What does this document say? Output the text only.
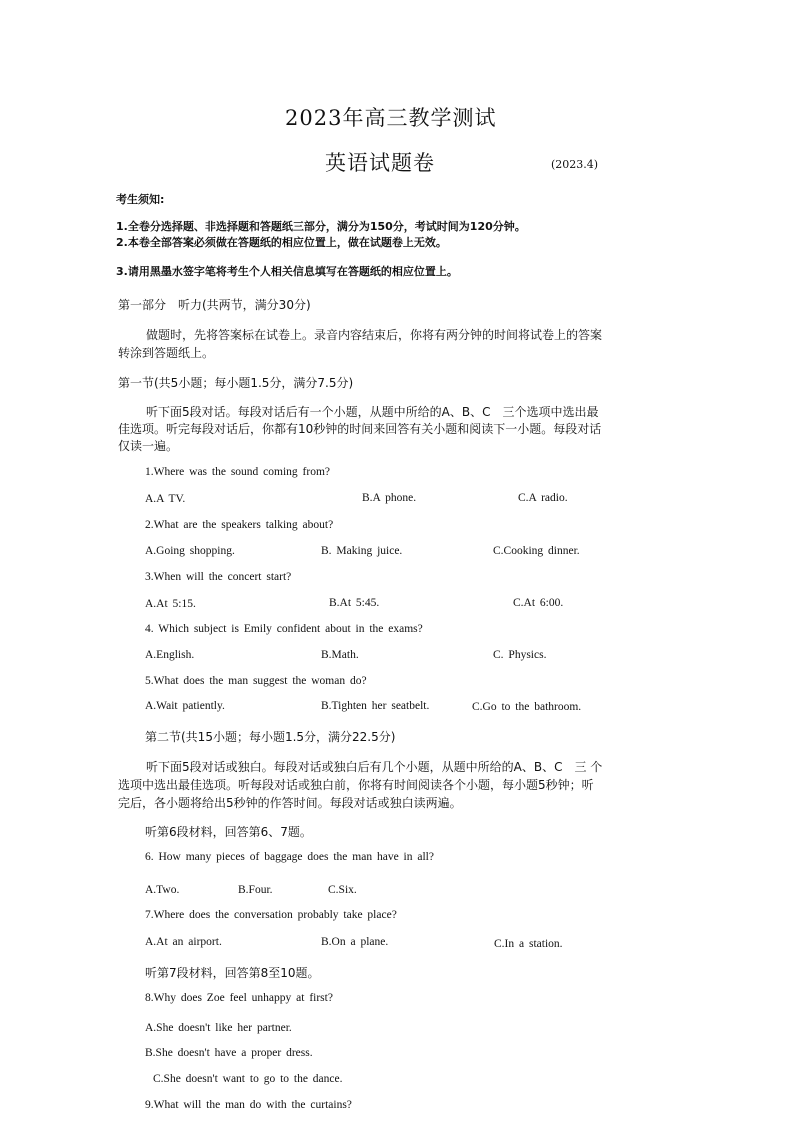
2023年高三教学测试
英语试题卷	(2023.4)
考生须知:
1.全卷分选择题、非选择题和答题纸三部分，满分为150分，考试时间为120分钟。
2.本卷全部答案必须做在答题纸的相应位置上，做在试题卷上无效。
3.请用黑墨水签字笔将考生个人相关信息填写在答题纸的相应位置上。
第一部分　听力(共两节，满分30分)
做题时，先将答案标在试卷上。录音内容结束后，你将有两分钟的时间将试卷上的答案
转涂到答题纸上。
第一节(共5小题；每小题1.5分，满分7.5分)
听下面5段对话。每段对话后有一个小题，从题中所给的A、B、C　三个选项中选出最
佳选项。听完每段对话后，你都有10秒钟的时间来回答有关小题和阅读下一小题。每段对话
仅读一遍。
1.Where was the sound coming from?
A.A TV.	B.A phone.	C.A radio.
2.What are the speakers talking about?
A.Going shopping.	B. Making juice.	C.Cooking dinner.
3.When will the concert start?
A.At 5:15.	B.At 5:45.	C.At 6:00.
4. Which subject is Emily confident about in the exams?
A.English.	B.Math.	C. Physics.
5.What does the man suggest the woman do?
A.Wait patiently.	B.Tighten her seatbelt.	C.Go to the bathroom.
第二节(共15小题；每小题1.5分，满分22.5分)
听下面5段对话或独白。每段对话或独白后有几个小题，从题中所给的A、B、C　三 个
选项中选出最佳选项。听每段对话或独白前，你将有时间阅读各个小题，每小题5秒钟；听
完后，各小题将给出5秒钟的作答时间。每段对话或独白读两遍。
听第6段材料，回答第6、7题。
6. How many pieces of baggage does the man have in all?
A.Two.	B.Four.	C.Six.
7.Where does the conversation probably take place?
A.At an airport.	B.On a plane.	C.In a station.
听第7段材料，回答第8至10题。
8.Why does Zoe feel unhappy at first?
A.She doesn't like her partner.
B.She doesn't have a proper dress.
C.She doesn't want to go to the dance.
9.What will the man do with the curtains?
